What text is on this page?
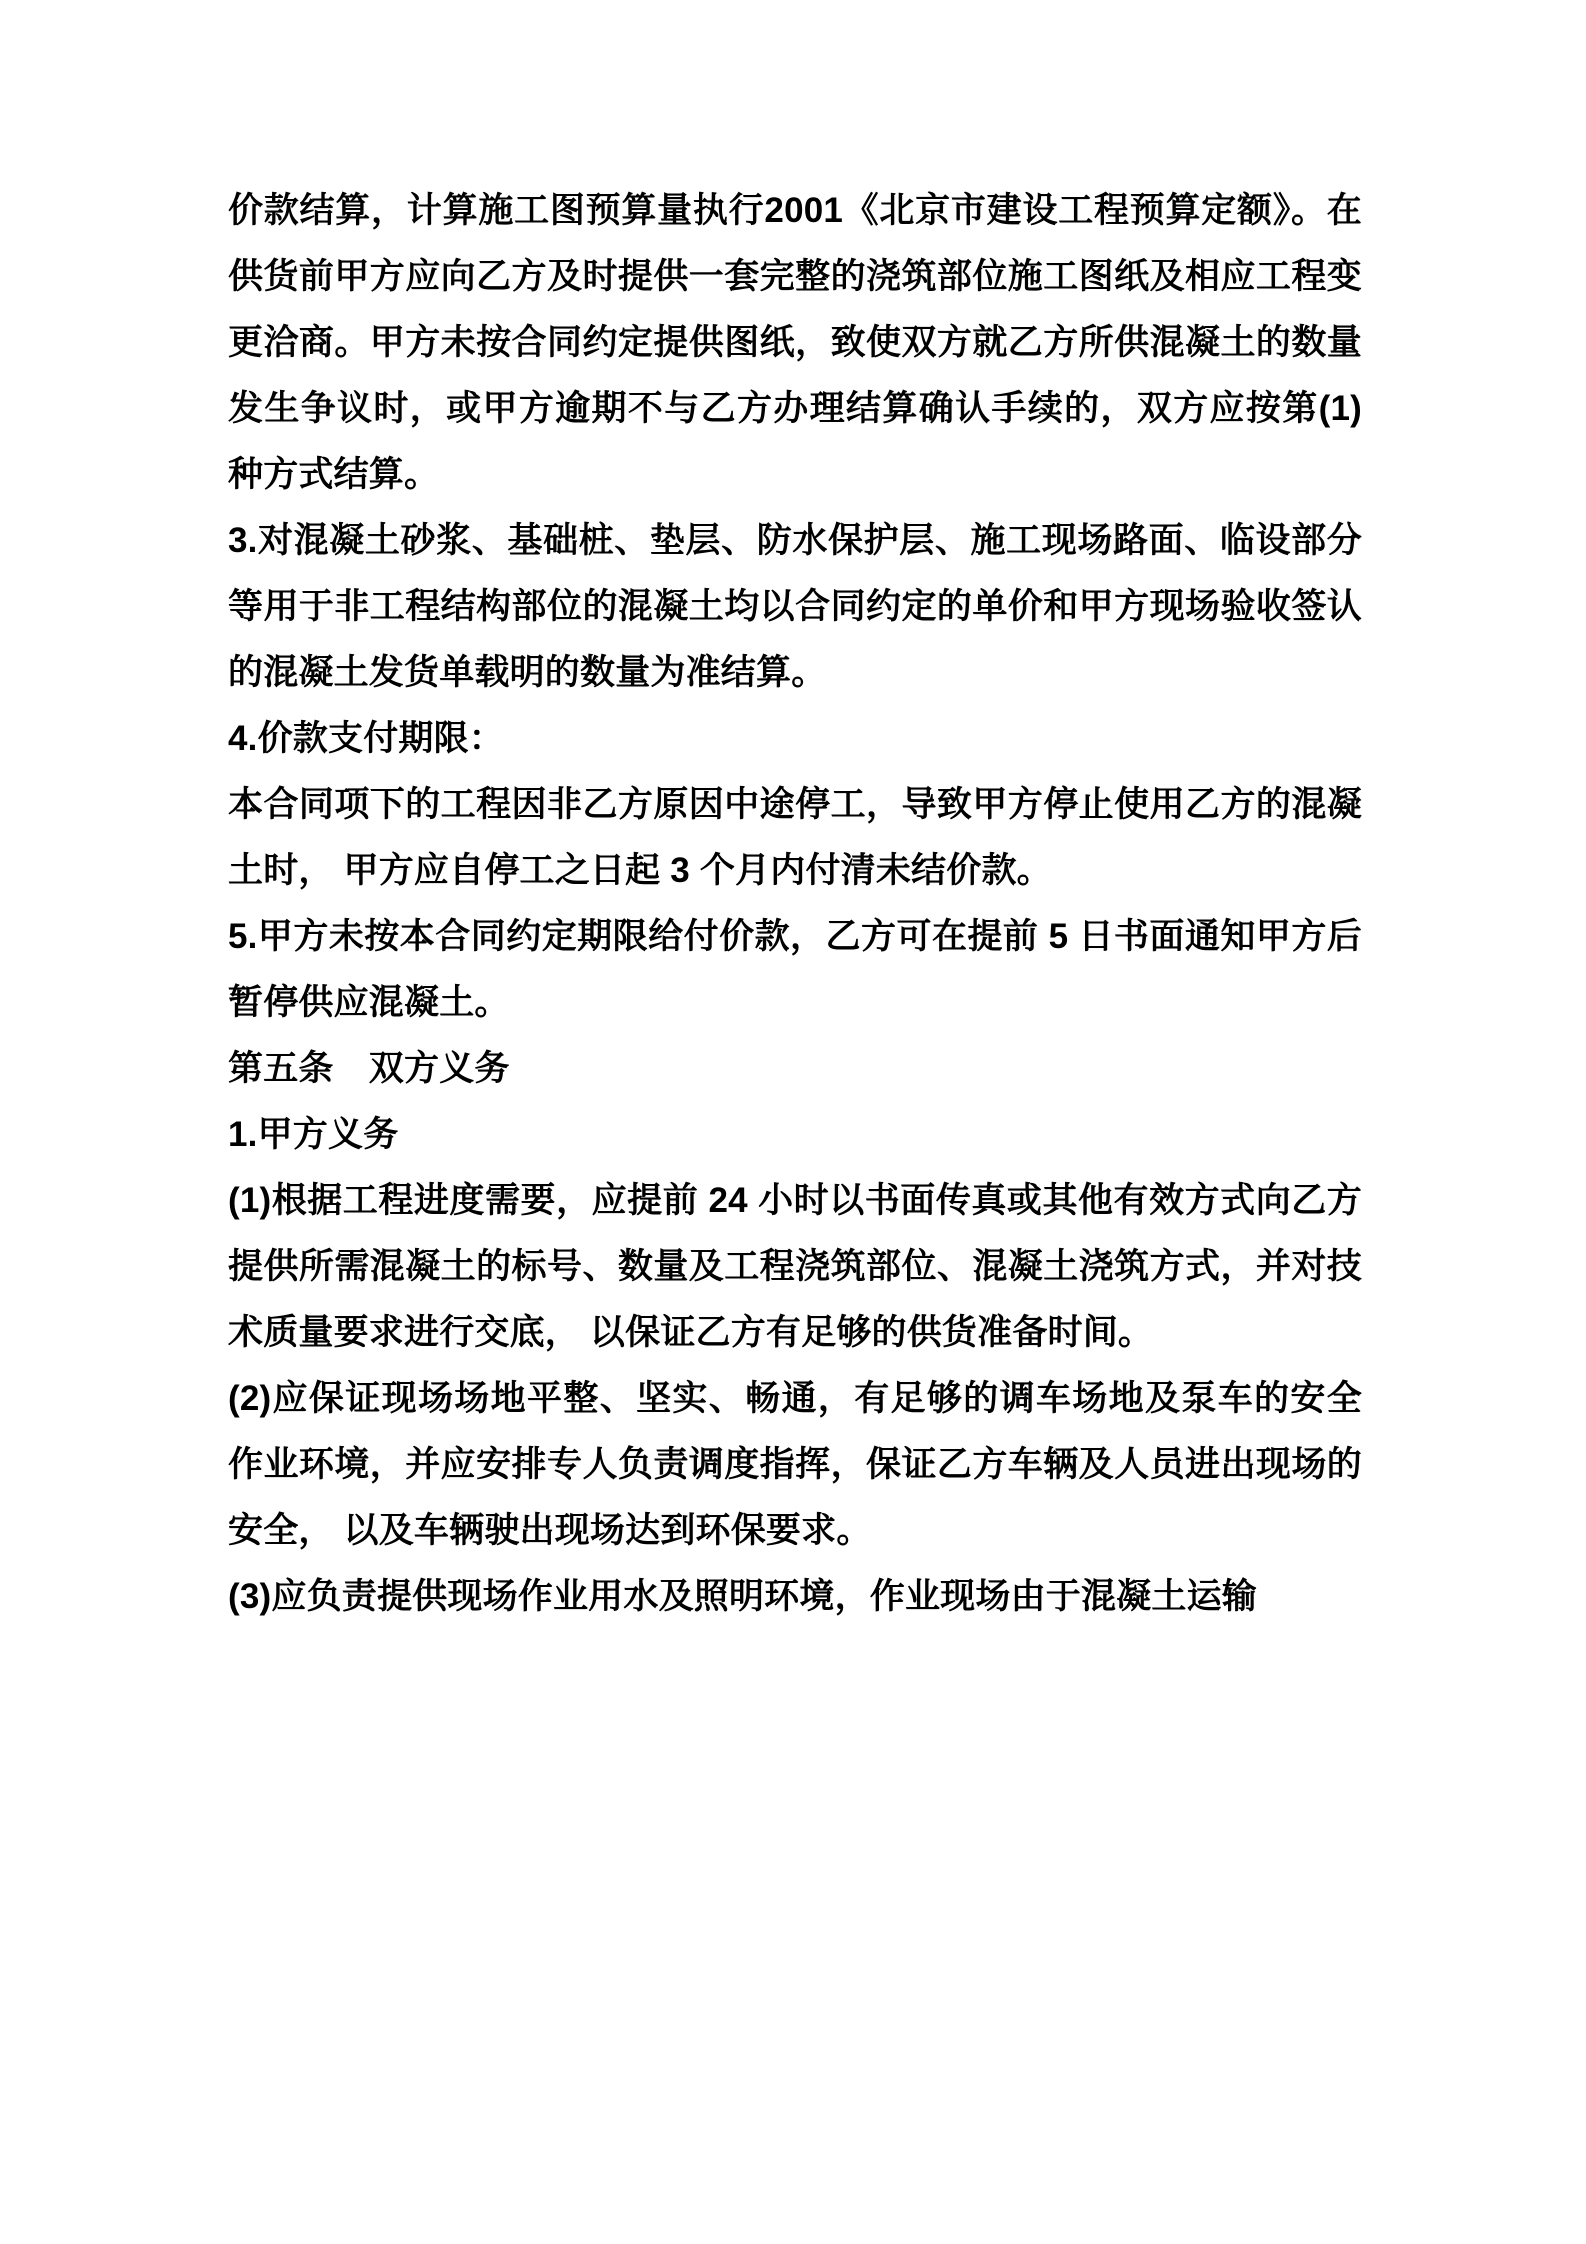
价款结算，计算施工图预算量执行2001《北京市建设工程预算定额》。在供货前甲方应向乙方及时提供一套完整的浇筑部位施工图纸及相应工程变更洽商。甲方未按合同约定提供图纸，致使双方就乙方所供混凝土的数量发生争议时，或甲方逾期不与乙方办理结算确认手续的，双方应按第(1)种方式结算。

3.对混凝土砂浆、基础桩、垫层、防水保护层、施工现场路面、临设部分等用于非工程结构部位的混凝土均以合同约定的单价和甲方现场验收签认的混凝土发货单载明的数量为准结算。

4.价款支付期限：

本合同项下的工程因非乙方原因中途停工，导致甲方停止使用乙方的混凝土时， 甲方应自停工之日起 3 个月内付清未结价款。

5.甲方未按本合同约定期限给付价款，乙方可在提前 5 日书面通知甲方后暂停供应混凝土。

第五条　双方义务

1.甲方义务

(1)根据工程进度需要，应提前 24 小时以书面传真或其他有效方式向乙方提供所需混凝土的标号、数量及工程浇筑部位、混凝土浇筑方式，并对技术质量要求进行交底， 以保证乙方有足够的供货准备时间。

(2)应保证现场场地平整、坚实、畅通，有足够的调车场地及泵车的安全作业环境，并应安排专人负责调度指挥，保证乙方车辆及人员进出现场的安全， 以及车辆驶出现场达到环保要求。

(3)应负责提供现场作业用水及照明环境，作业现场由于混凝土运输
